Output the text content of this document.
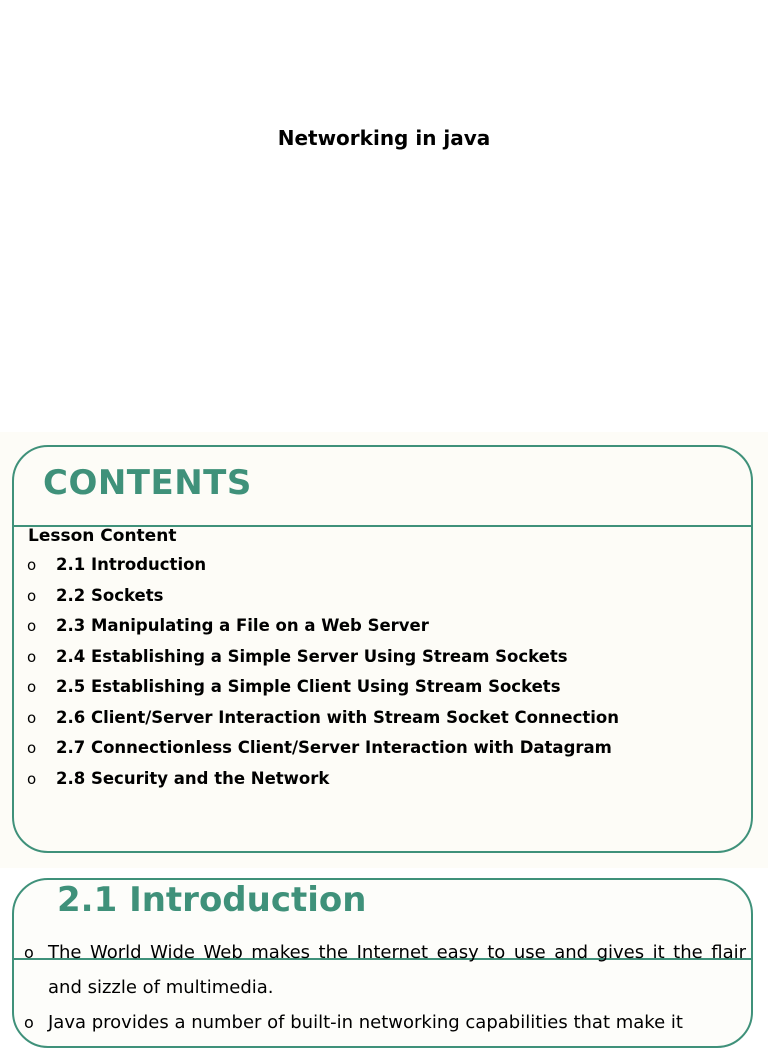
Networking in java
CONTENTS

Lesson Content

o 2.1 Introduction
o 2.2 Sockets
o 2.3 Manipulating a File on a Web Server
o 2.4 Establishing a Simple Server Using Stream Sockets
o 2.5 Establishing a Simple Client Using Stream Sockets
o 2.6 Client/Server Interaction with Stream Socket Connection
o 2.7 Connectionless Client/Server Interaction with Datagram
o 2.8 Security and the Network
2.1 Introduction
o The World Wide Web makes the Internet easy to use and gives it the flair and sizzle of multimedia.
o Java provides a number of built-in networking capabilities that make it
